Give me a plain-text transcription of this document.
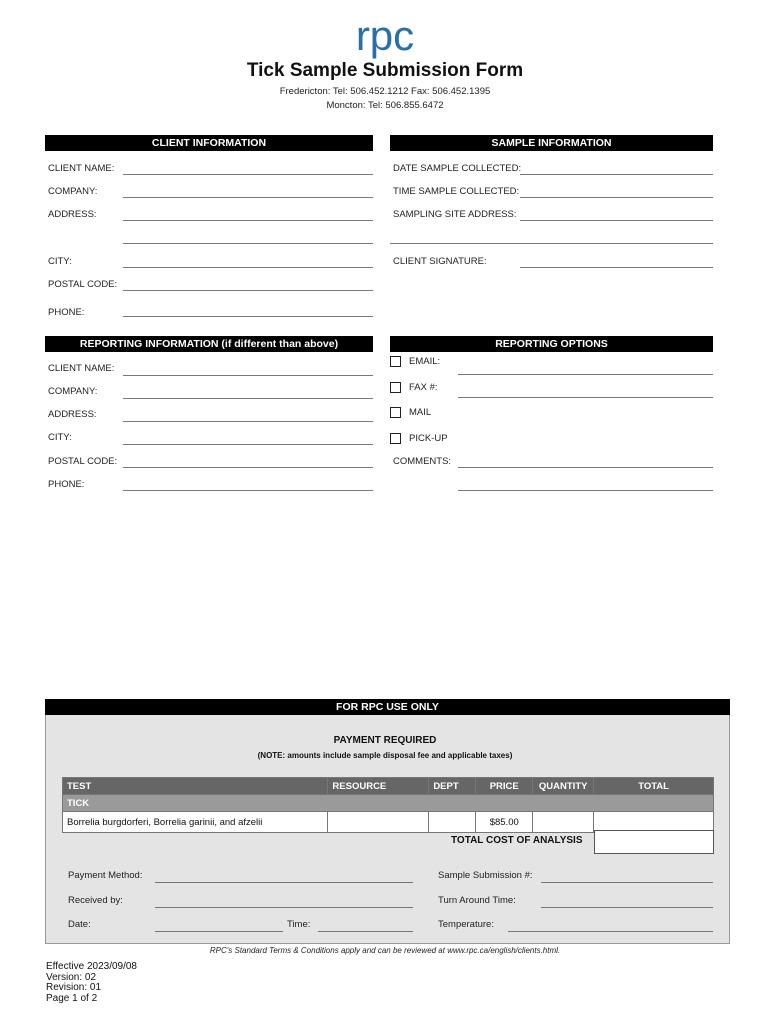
rpc
Tick Sample Submission Form
Fredericton: Tel: 506.452.1212 Fax: 506.452.1395
Moncton: Tel: 506.855.6472
CLIENT INFORMATION
CLIENT NAME:
COMPANY:
ADDRESS:
CITY:
POSTAL CODE:
PHONE:
SAMPLE INFORMATION
DATE SAMPLE COLLECTED:
TIME SAMPLE COLLECTED:
SAMPLING SITE ADDRESS:
CLIENT SIGNATURE:
REPORTING INFORMATION (if different than above)
CLIENT NAME:
COMPANY:
ADDRESS:
CITY:
POSTAL CODE:
PHONE:
REPORTING OPTIONS
EMAIL:
FAX #:
MAIL
PICK-UP
COMMENTS:
FOR RPC USE ONLY
PAYMENT REQUIRED
(NOTE: amounts include sample disposal fee and applicable taxes)
TEST	RESOURCE	DEPT	PRICE	QUANTITY	TOTAL
TICK					
Borrelia burgdorferi, Borrelia garinii, and afzelii			$85.00		
TOTAL COST OF ANALYSIS
Payment Method:
Received by:
Date:	Time:
Sample Submission #:
Turn Around Time:
Temperature:
RPC's Standard Terms & Conditions apply and can be reviewed at www.rpc.ca/english/clients.html.
Effective 2023/09/08
Version: 02
Revision: 01
Page 1 of 2
